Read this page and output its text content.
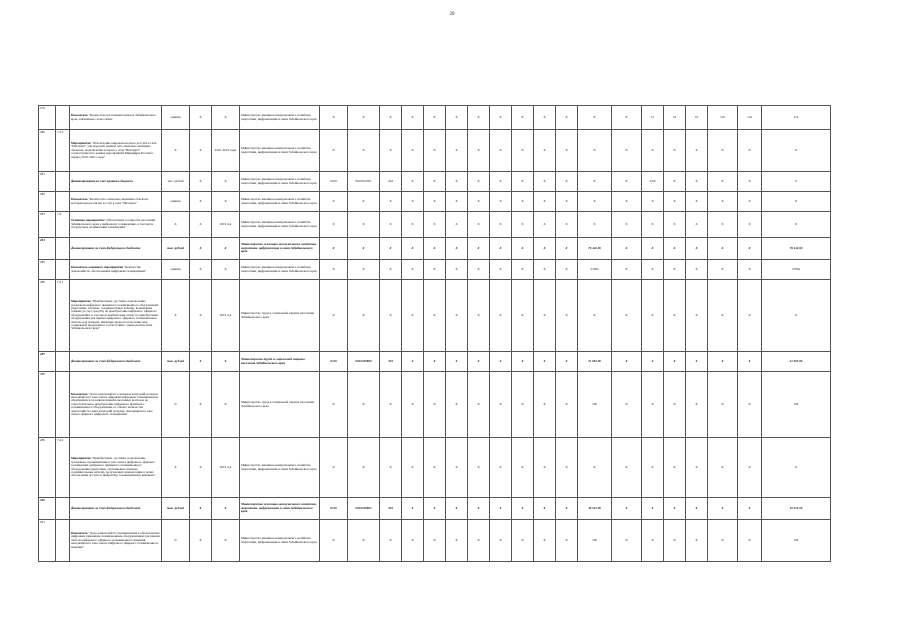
20
279		Показатель "Количество населенных пунктов Забайкальского края, охваченных сетью связи"	единиц	Х	Х	Министерство жилищно-коммунального хозяйства, энергетики, цифровизации и связи Забайкальского края	Х	Х	Х	Х	Х	Х	Х	Х	Х	Х	Х	Х	Х	15	16	16	116	116	116
280	7.3.3	Мероприятие "Обеспечение широкополосного доступа к сети "Интернет" для передачи данных для социально значимых объектов, подключение которых к сети "Интернет" осуществляется в рамках мероприятий Минцифры России в период 2019–2021 годов"	Х	Х	2022–2023 годы	Министерство жилищно-коммунального хозяйства, энергетики, цифровизации и связи Забайкальского края	Х	Х	Х	Х	Х	Х	Х	Х	Х	Х	Х	Х	Х	Х	Х	Х	Х	Х	Х
281		финансирование за счет краевого бюджета	тыс. рублей	Х	Х	Министерство жилищно-коммунального хозяйства, энергетики, цифровизации и связи Забайкальского края	0419	0610104701	244	Х	Х	Х	Х	Х	Х	Х	Х	Х	Х	0,00	Х	Х	Х	Х	0
282		Показатель "Количество социально значимых объектов, которым предоставлен доступ к сети "Интернет"	единиц	Х	Х	Министерство жилищно-коммунального хозяйства, энергетики, цифровизации и связи Забайкальского края	Х	Х	Х	Х	Х	Х	Х	Х	Х	Х	Х	Х	Х	Х	Х	Х	Х	Х	Х
283	7.4	Основное мероприятие "Обеспечение готовности населения Забайкальского края к цифровому телевидению, в том числе посредством оптимизации телевидения"	Х	Х	2019 год	Министерство жилищно-коммунального хозяйства, энергетики, цифровизации и связи Забайкальского края	Х	Х	Х	Х	Х	Х	Х	Х	Х	Х	Х	Х	Х	Х	Х	Х	Х	Х	Х
284		финансирование за счет федерального бюджета	тыс. рублей	Х	Х	Министерство жилищно-коммунального хозяйства, энергетики, цифровизации и связи Забайкальского края	Х	Х	Х	Х	Х	Х	Х	Х	Х	Х	Х	76 442,00	Х	Х	Х	Х	Х	Х	76 442,00
285		Показатель основного мероприятия "Количество домохозяйств, обеспеченных цифровым телевидением"	единиц	Х	Х	Министерство жилищно-коммунального хозяйства, энергетики, цифровизации и связи Забайкальского края	Х	Х	Х	Х	Х	Х	Х	Х	Х	Х	Х	27004	Х	Х	Х	Х	Х	Х	27004
286	7.4.1	Мероприятие "Приобретение, доставка, подключение гражданам цифрового приемного телевизионного оборудования (приставки, антенны, соединительные кабели), возмещение семьям (за счет средств) на приобретение цифрового эфирного оборудования, в том числе компенсация затрат на приобретение оборудования для приема цифрового эфирного телевизионного сигнала для граждан, имеющих право на получение мер социальной поддержки в соответствии с законодательством Забайкальского края"	Х	Х	2019 год	Министерство труда и социальной защиты населения Забайкальского края	Х	Х	Х	Х	Х	Х	Х	Х	Х	Х	Х	Х	Х	Х	Х	Х	Х	Х	Х
287		финансирование за счет федерального бюджета	тыс. рублей	Х	Х	Министерство труда и социальной защиты населения Забайкальского края	0419	0610450890	323	Х	Х	Х	Х	Х	Х	Х	Х	21 967,00	Х	Х	Х	Х	Х	Х	21 967,00
288		Показатель "Доля домохозяйств отдельных категорий граждан, находящихся в зоне охвата эфирным цифровым телевидением и обратившихся за компенсацией понесенных расходов на самостоятельное приобретение цифрового приемного телевизионного оборудования, от общего количества домохозяйств таких категорий граждан, находящихся в зоне охвата эфирного цифрового телевидения"	%	Х	Х	Министерство труда и социальной защиты населения Забайкальского края	Х	Х	Х	Х	Х	Х	Х	Х	Х	Х	Х	100	Х	Х	Х	Х	Х	Х	100
289	7.4.2	Мероприятие "Приобретение, доставка, подключение гражданам, проживающим в зоне охвата цифрового эфирного телевидения, цифрового приемного телевизионного оборудования (приставки, спутниковые антенны, соединительные кабели), получающих компенсацию в целях обеспечения доступа к цифровому телевизионному вещанию"	Х	Х	2019 год	Министерство жилищно-коммунального хозяйства, энергетики, цифровизации и связи Забайкальского края	Х	Х	Х	Х	Х	Х	Х	Х	Х	Х	Х	Х	Х	Х	Х	Х	Х	Х	Х
290		финансирование за счет федерального бюджета	тыс. рублей	Х	Х	Министерство жилищно-коммунального хозяйства, энергетики, цифровизации и связи Забайкальского края	0419	0610450892	323	Х	Х	Х	Х	Х	Х	Х	Х	49 521,00	Х	Х	Х	Х	Х	Х	49 521,00
291		Показатель "Доля домохозяйств, проживающих в обеспеченных цифровым приемным телевизионным оборудованием для приема сигнала цифрового эфирного телевизионного вещания, находящихся в зоне охвата цифрового эфирного телевизионного вещания"	%	Х	Х	Министерство жилищно-коммунального хозяйства, энергетики, цифровизации и связи Забайкальского края	Х	Х	Х	Х	Х	Х	Х	Х	Х	Х	Х	100	Х	Х	Х	Х	Х	Х	100
